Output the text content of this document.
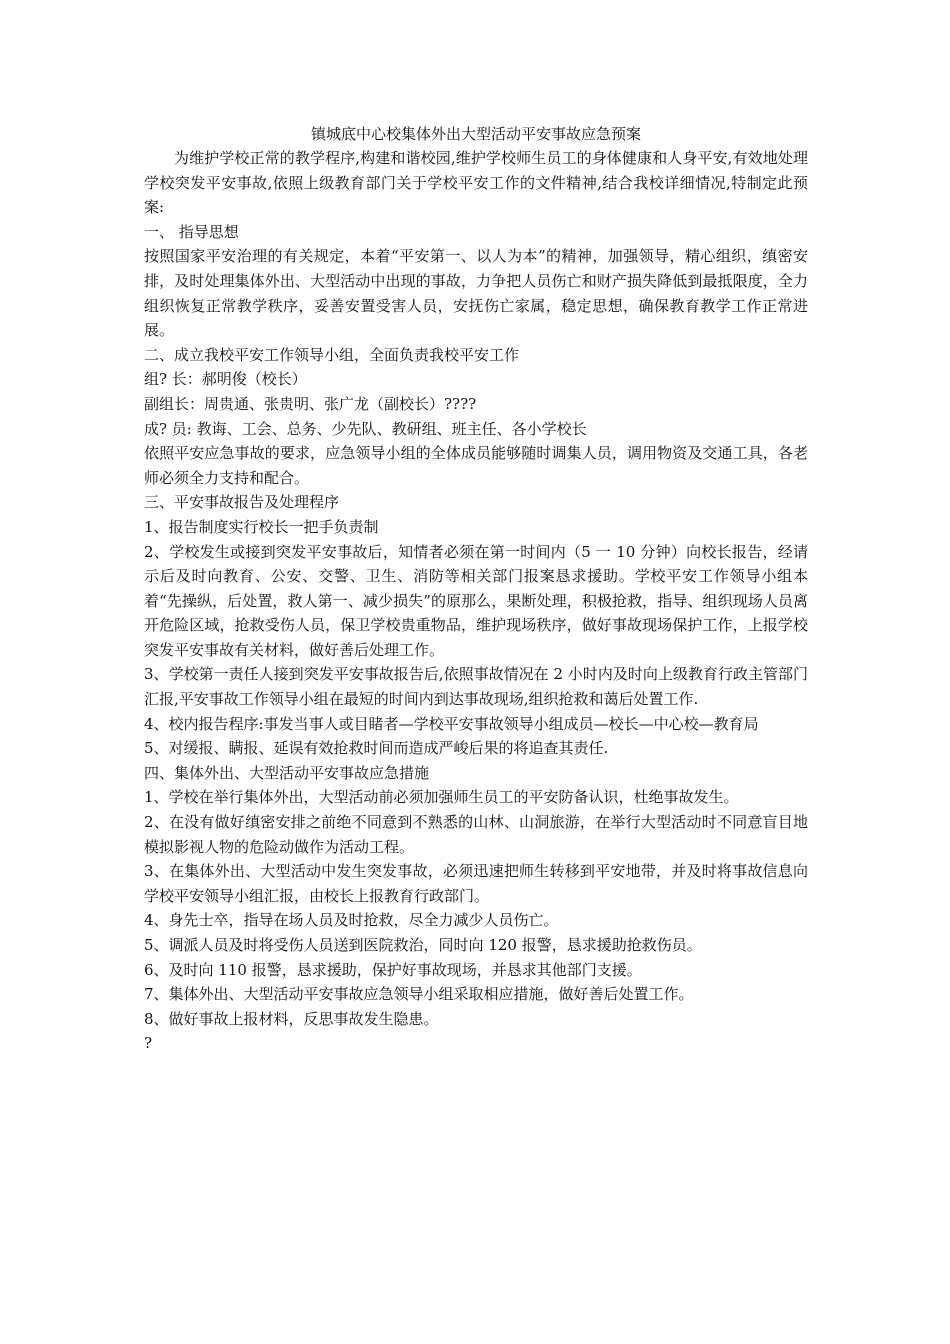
镇城底中心校集体外出大型活动平安事故应急预案

为维护学校正常的教学程序,构建和谐校园,维护学校师生员工的身体健康和人身平安,有效地处理学校突发平安事故,依照上级教育部门关于学校平安工作的文件精神,结合我校详细情况,特制定此预案:

一、 指导思想

按照国家平安治理的有关规定，本着“平安第一、以人为本”的精神，加强领导，精心组织，缜密安排，及时处理集体外出、大型活动中出现的事故，力争把人员伤亡和财产损失降低到最抵限度，全力组织恢复正常教学秩序，妥善安置受害人员，安抚伤亡家属，稳定思想，确保教育教学工作正常进展。

二、成立我校平安工作领导小组，全面负责我校平安工作

组? 长：郝明俊（校长）

副组长：周贵通、张贵明、张广龙（副校长）????

成? 员: 教诲、工会、总务、少先队、教研组、班主任、各小学校长

依照平安应急事故的要求，应急领导小组的全体成员能够随时调集人员，调用物资及交通工具，各老师必须全力支持和配合。

三、平安事故报告及处理程序

1、报告制度实行校长一把手负责制

2、学校发生或接到突发平安事故后，知情者必须在第一时间内（5 一 10 分钟）向校长报告，经请示后及时向教育、公安、交警、卫生、消防等相关部门报案恳求援助。学校平安工作领导小组本着“先操纵，后处置，救人第一、减少损失”的原那么，果断处理，积极抢救，指导、组织现场人员离开危险区域，抢救受伤人员，保卫学校贵重物品，维护现场秩序，做好事故现场保护工作，上报学校突发平安事故有关材料，做好善后处理工作。

3、学校第一责任人接到突发平安事故报告后,依照事故情况在 2 小时内及时向上级教育行政主管部门汇报,平安事故工作领导小组在最短的时间内到达事故现场,组织抢救和蔼后处置工作.

4、校内报告程序:事发当事人或目睹者—学校平安事故领导小组成员—校长—中心校—教育局

5、对缓报、瞒报、延误有效抢救时间而造成严峻后果的将追查其责任.

四、集体外出、大型活动平安事故应急措施

1、学校在举行集体外出，大型活动前必须加强师生员工的平安防备认识，杜绝事故发生。

2、在没有做好缜密安排之前绝不同意到不熟悉的山林、山洞旅游，在举行大型活动时不同意盲目地模拟影视人物的危险动做作为活动工程。

3、在集体外出、大型活动中发生突发事故，必须迅速把师生转移到平安地带，并及时将事故信息向学校平安领导小组汇报，由校长上报教育行政部门。

4、身先士卒，指导在场人员及时抢救，尽全力减少人员伤亡。

5、调派人员及时将受伤人员送到医院救治，同时向 120 报警，恳求援助抢救伤员。

6、及时向 110 报警，恳求援助，保护好事故现场，并恳求其他部门支援。

7、集体外出、大型活动平安事故应急领导小组采取相应措施，做好善后处置工作。

8、做好事故上报材料，反思事故发生隐患。

?
